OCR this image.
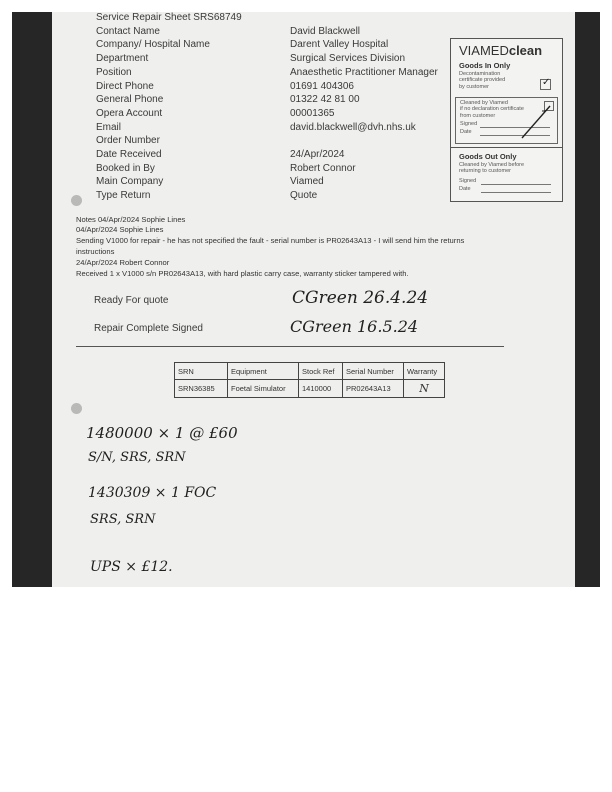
Service Repair Sheet SRS68749
Contact Name	David Blackwell
Company/ Hospital Name	Darent Valley Hospital
Department	Surgical Services Division
Position	Anaesthetic Practitioner Manager
Direct Phone	01691 404306
General Phone	01322 42 81 00
Opera Account	00001365
Email	david.blackwell@dvh.nhs.uk
Order Number
Date Received	24/Apr/2024
Booked in By	Robert Connor
Main Company	Viamed
Type Return	Quote
VIAMEDclean
Goods In Only
Decontamination
certificate provided
by customer	✓
Cleaned by Viamed
if no declaration certificate
from customer
Signed
Date
Goods Out Only
Cleaned by Viamed before
returning to customer
Signed
Date
Notes 04/Apr/2024 Sophie Lines
04/Apr/2024 Sophie Lines
Sending V1000 for repair - he has not specified the fault - serial number is PR02643A13 - I will send him the returns
instructions
24/Apr/2024 Robert Connor
Received 1 x V1000 s/n PR02643A13, with hard plastic carry case, warranty sticker tampered with.
Ready For quote	CGreen 26.4.24
Repair Complete Signed	CGreen 16.5.24
SRN	Equipment	Stock Ref	Serial Number	Warranty
SRN36385	Foetal Simulator	1410000	PR02643A13	N
1480000 × 1 @ £60
S/N, SRS, SRN
1430309 × 1 FOC
SRS, SRN
UPS × £12.
